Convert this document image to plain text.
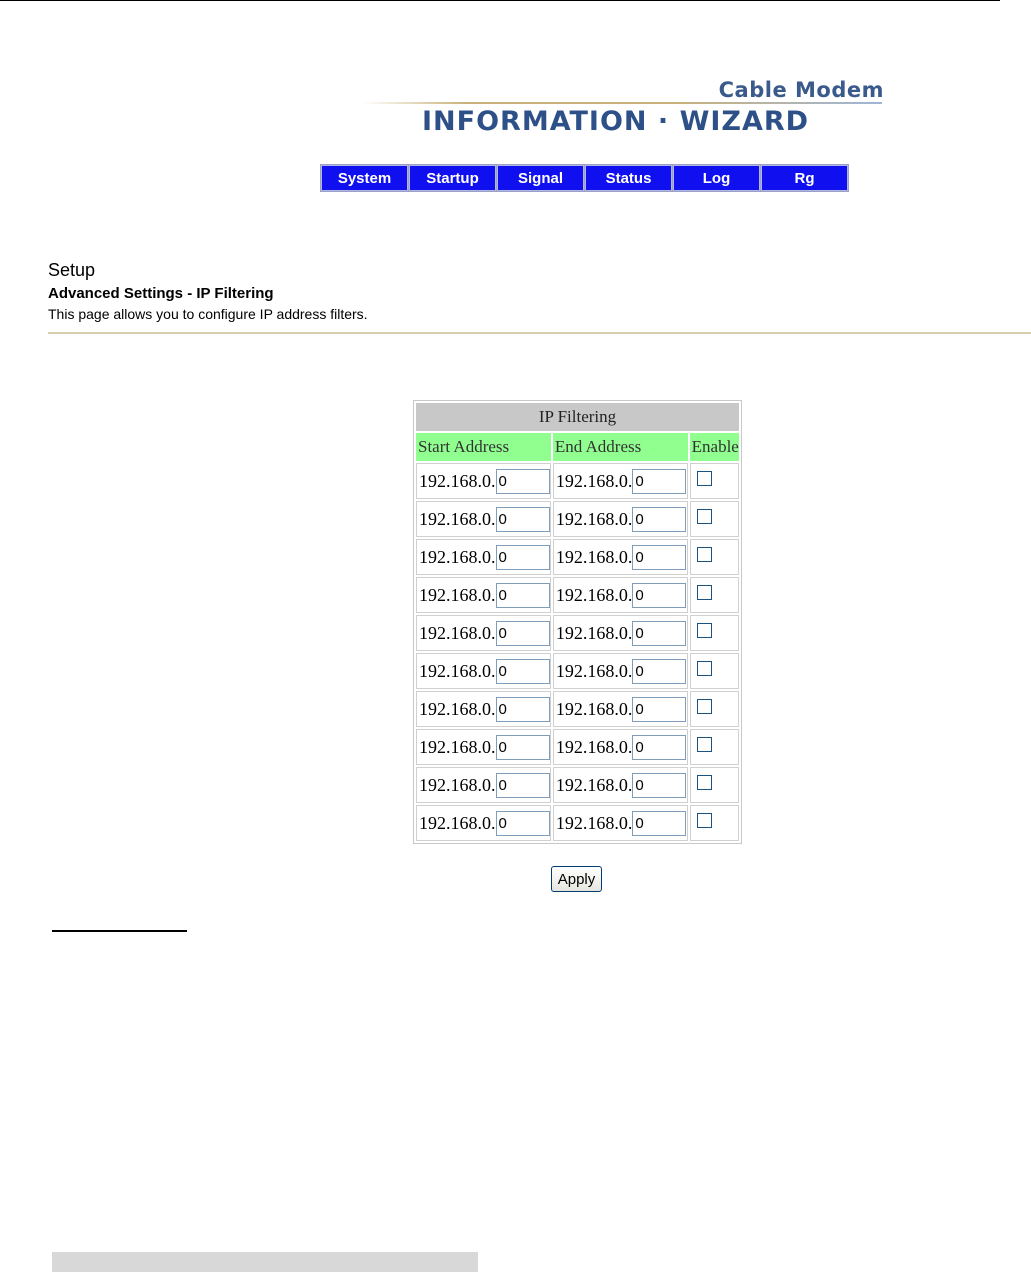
Cable Modem
INFORMATION · WIZARD
System	Startup	Signal	Status	Log	Rg
Setup
Advanced Settings - IP Filtering
This page allows you to configure IP address filters.
IP Filtering		
Start Address	End Address	Enable
192.168.0. 0	192.168.0. 0	
192.168.0. 0	192.168.0. 0	
192.168.0. 0	192.168.0. 0	
192.168.0. 0	192.168.0. 0	
192.168.0. 0	192.168.0. 0	
192.168.0. 0	192.168.0. 0	
192.168.0. 0	192.168.0. 0	
192.168.0. 0	192.168.0. 0	
192.168.0. 0	192.168.0. 0	
192.168.0. 0	192.168.0. 0	
Apply
